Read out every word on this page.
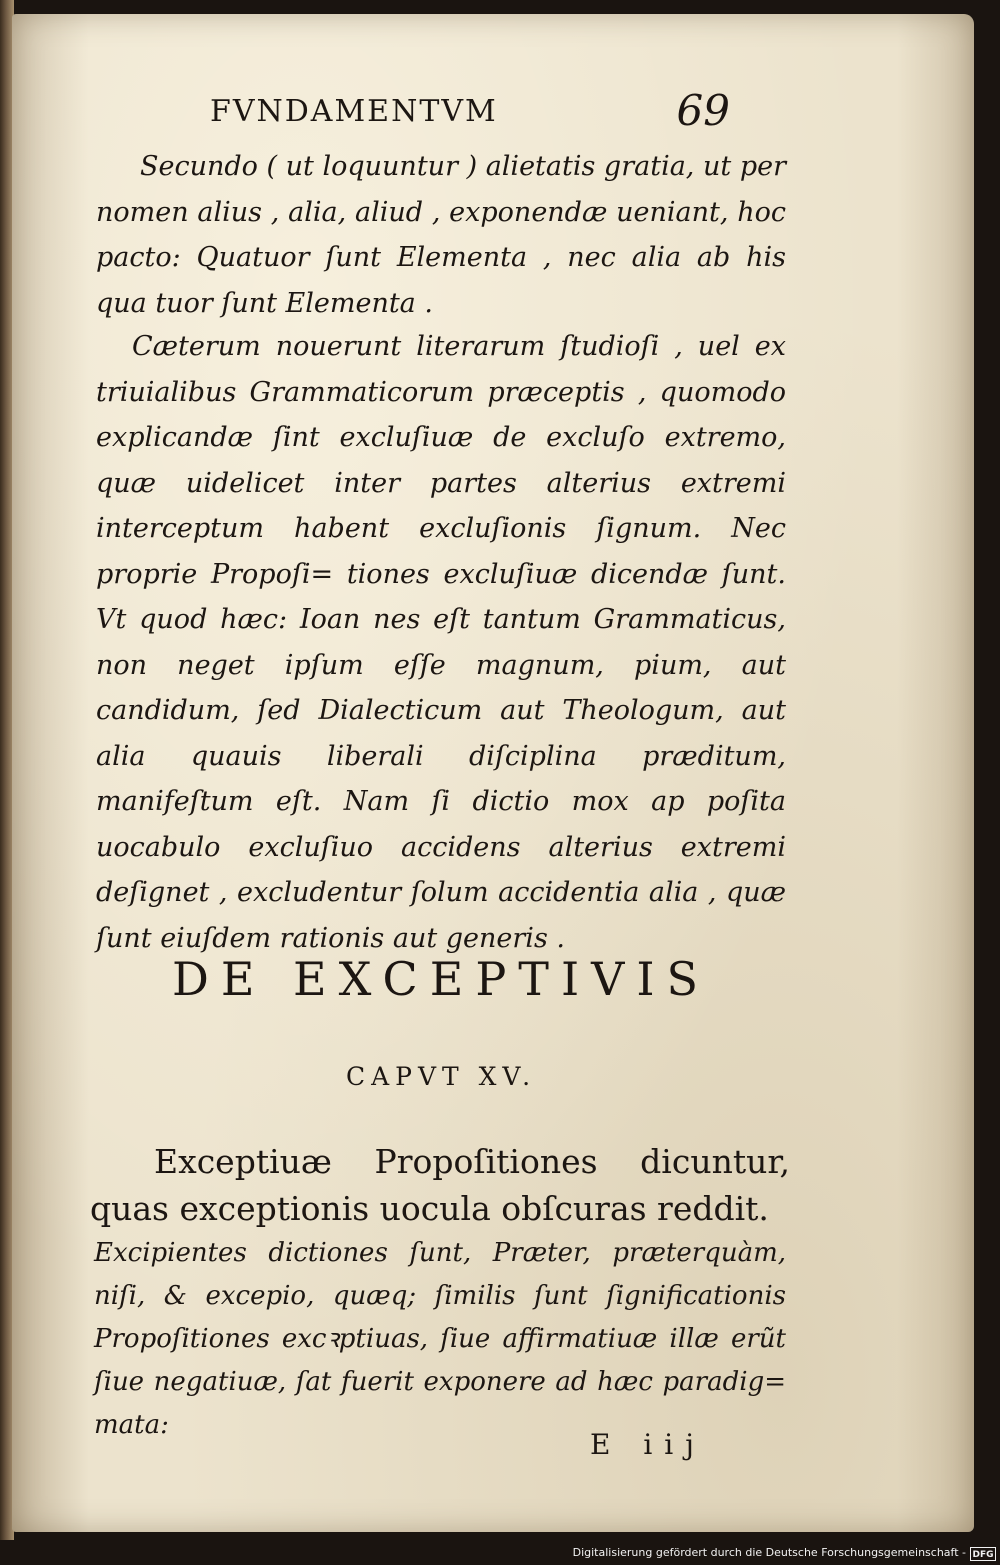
FVNDAMENTVM	69

Secundo ( ut loquuntur ) alietatis gratia, ut per nomen alius , alia, aliud , exponendæ ueniant, hoc pacto: Quatuor ſunt Elementa , nec alia ab his qua tuor ſunt Elementa .

Cæterum nouerunt literarum ſtudioſi , uel ex triuialibus Grammaticorum præceptis , quomodo explicandæ ſint excluſiuæ de excluſo extremo, quæ uidelicet inter partes alterius extremi interceptum habent excluſionis ſignum. Nec proprie Propoſi= tiones excluſiuæ dicendæ ſunt. Vt quod hæc: Ioan nes eſt tantum Grammaticus, non neget ipſum eſſe magnum, pium, aut candidum, ſed Dialecticum aut Theologum, aut alia quauis liberali diſciplina præditum, manifeſtum eſt. Nam ſi dictio mox ap poſita uocabulo excluſiuo accidens alterius extremi deſignet , excludentur ſolum accidentia alia , quæ ſunt eiuſdem rationis aut generis .

DE EXCEPTIVIS
CAPVT XV.

Exceptiuæ Propoſitiones dicuntur, quas exceptionis uocula obſcuras reddit.

Excipientes dictiones ſunt, Præter, præterquàm, niſi, & excepio, quæq; ſimilis ſunt ſignificationis Propoſitiones excꝛptiuas, ſiue affirmatiuæ illæ erũt ſiue negatiuæ, ſat fuerit exponere ad hæc paradig= mata:

E iij
Digitalisierung gefördert durch die Deutsche Forschungsgemeinschaft - DFG
